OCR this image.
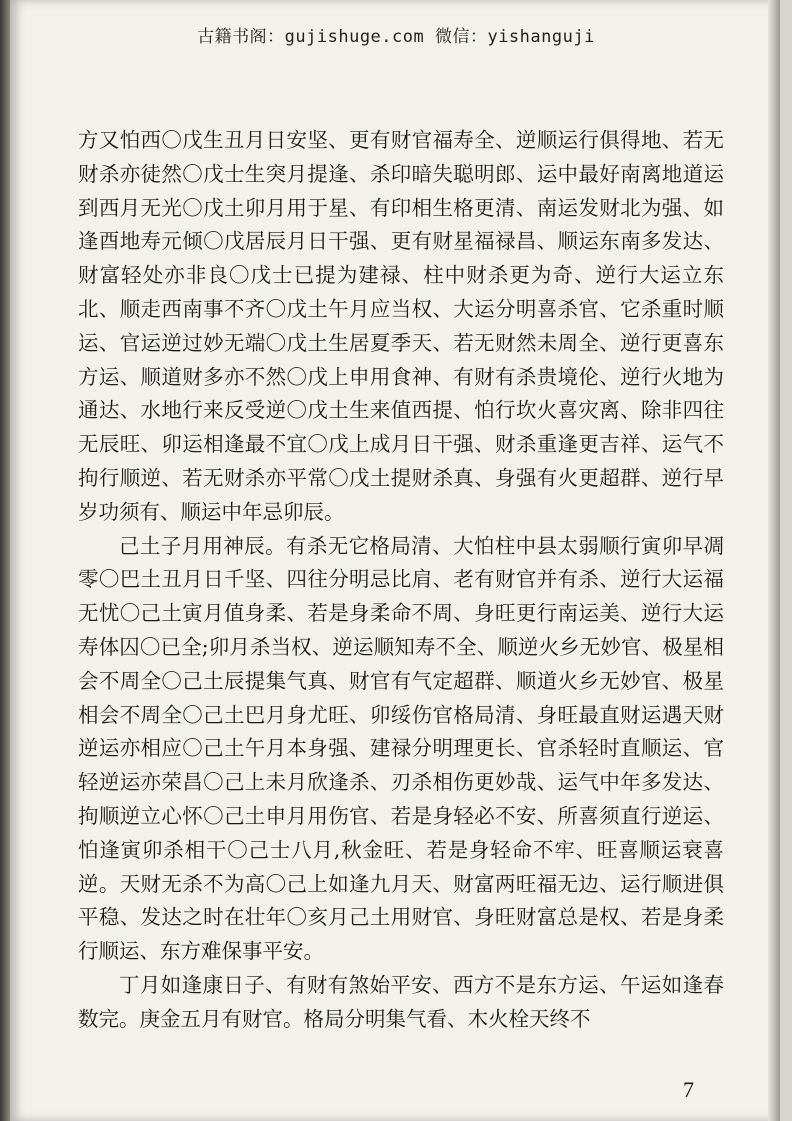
古籍书阁：gujishuge.com 微信：yishanguji

方又怕西〇戊生丑月日安坚、更有财官福寿全、逆顺运行俱得地、若无财杀亦徒然〇戊士生突月提逢、杀印暗失聪明郎、运中最好南离地道运到西月无光〇戊土卯月用于星、有印相生格更清、南运发财北为强、如逢酉地寿元倾〇戊居辰月日干强、更有财星福禄昌、顺运东南多发达、财富轻处亦非良〇戊士已提为建禄、柱中财杀更为奇、逆行大运立东北、顺走西南事不齐〇戊土午月应当权、大运分明喜杀官、它杀重时顺运、官运逆过妙无端〇戊土生居夏季天、若无财然未周全、逆行更喜东方运、顺道财多亦不然〇戊上申用食神、有财有杀贵境伦、逆行火地为通达、水地行来反受逆〇戊土生来值西提、怕行坎火喜灾离、除非四往无辰旺、卯运相逢最不宜〇戊上成月日干强、财杀重逢更吉祥、运气不拘行顺逆、若无财杀亦平常〇戊土提财杀真、身强有火更超群、逆行早岁功须有、顺运中年忌卯辰。

己土子月用神辰。有杀无它格局清、大怕柱中县太弱顺行寅卯早凋零〇巴土丑月日千坚、四往分明忌比肩、老有财官并有杀、逆行大运福无忧〇己土寅月值身柔、若是身柔命不周、身旺更行南运美、逆行大运寿体囚〇已全;卯月杀当权、逆运顺知寿不全、顺逆火乡无妙官、极星相会不周全〇己土辰提集气真、财官有气定超群、顺道火乡无妙官、极星相会不周全〇己土巴月身尤旺、卯绥伤官格局清、身旺最直财运遇天财逆运亦相应〇己土午月本身强、建禄分明理更长、官杀轻时直顺运、官轻逆运亦荣昌〇己上未月欣逢杀、刃杀相伤更妙哉、运气中年多发达、拘顺逆立心怀〇己土申月用伤官、若是身轻必不安、所喜须直行逆运、怕逢寅卯杀相干〇己士八月,秋金旺、若是身轻命不牢、旺喜顺运衰喜逆。天财无杀不为高〇己上如逢九月天、财富两旺福无边、运行顺进俱平稳、发达之时在壮年〇亥月己土用财官、身旺财富总是权、若是身柔行顺运、东方难保事平安。

丁月如逢康日子、有财有煞始平安、西方不是东方运、午运如逢春数完。庚金五月有财官。格局分明集气看、木火栓天终不

7
